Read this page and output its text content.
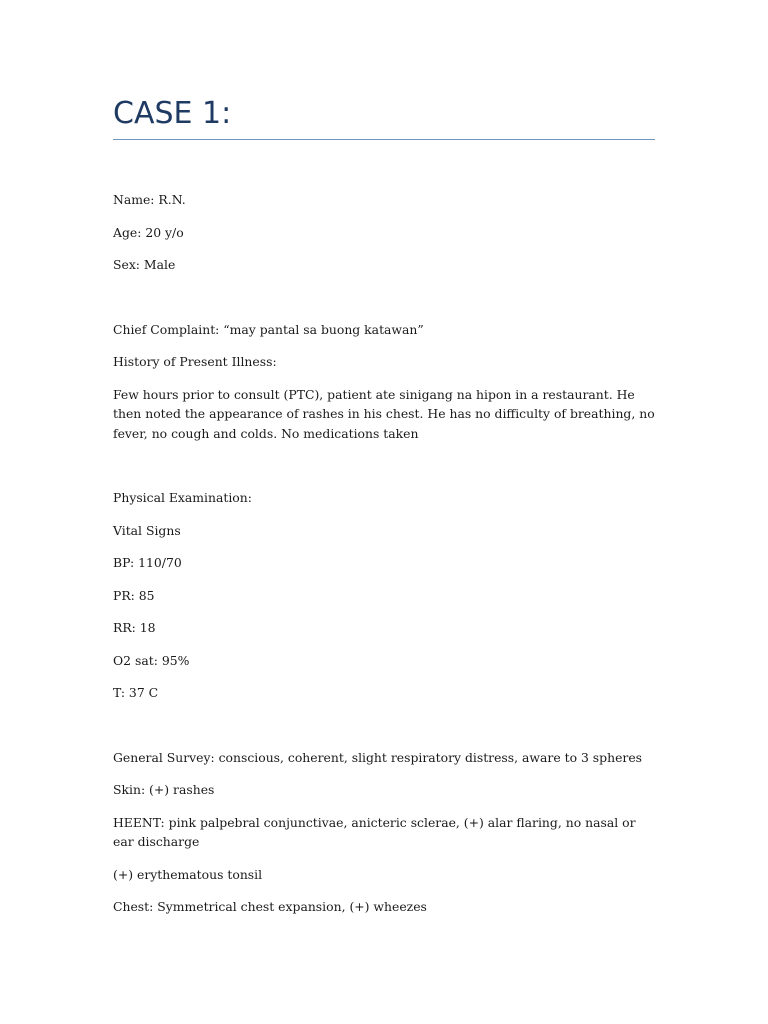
CASE 1:

Name: R.N.

Age: 20 y/o

Sex: Male

Chief Complaint: “may pantal sa buong katawan”

History of Present Illness:

Few hours prior to consult (PTC), patient ate sinigang na hipon in a restaurant. He then noted the appearance of rashes in his chest. He has no difficulty of breathing, no fever, no cough and colds. No medications taken

Physical Examination:

Vital Signs

BP: 110/70

PR: 85

RR: 18

O2 sat: 95%

T: 37 C

General Survey: conscious, coherent, slight respiratory distress, aware to 3 spheres

Skin: (+) rashes

HEENT: pink palpebral conjunctivae, anicteric sclerae, (+) alar flaring, no nasal or ear discharge

(+) erythematous tonsil

Chest: Symmetrical chest expansion, (+) wheezes
